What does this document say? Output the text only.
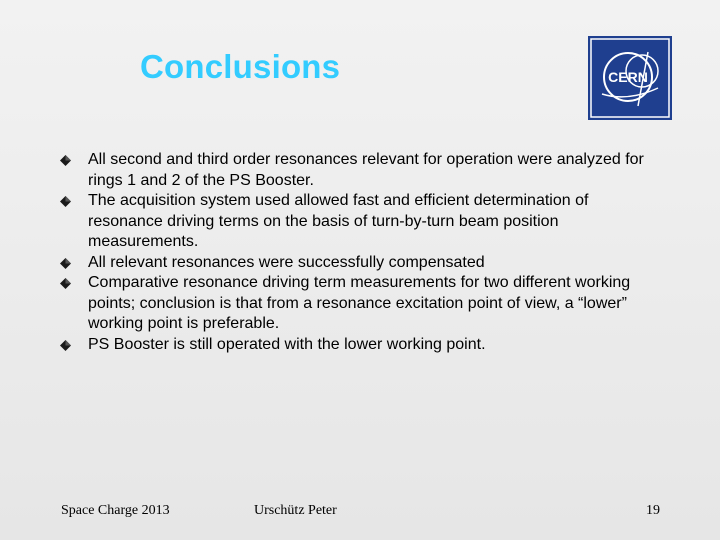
Conclusions	CERN
All second and third order resonances relevant for operation were analyzed for rings 1 and 2 of the PS Booster.
The acquisition system used allowed fast and efficient determination of resonance driving terms on the basis of turn-by-turn beam position measurements.
All relevant resonances were successfully compensated
Comparative resonance driving term measurements for two different working points; conclusion is that from a resonance excitation point of view, a “lower” working point is preferable.
PS Booster is still operated with the lower working point.
Space Charge 2013	Urschütz Peter	19
